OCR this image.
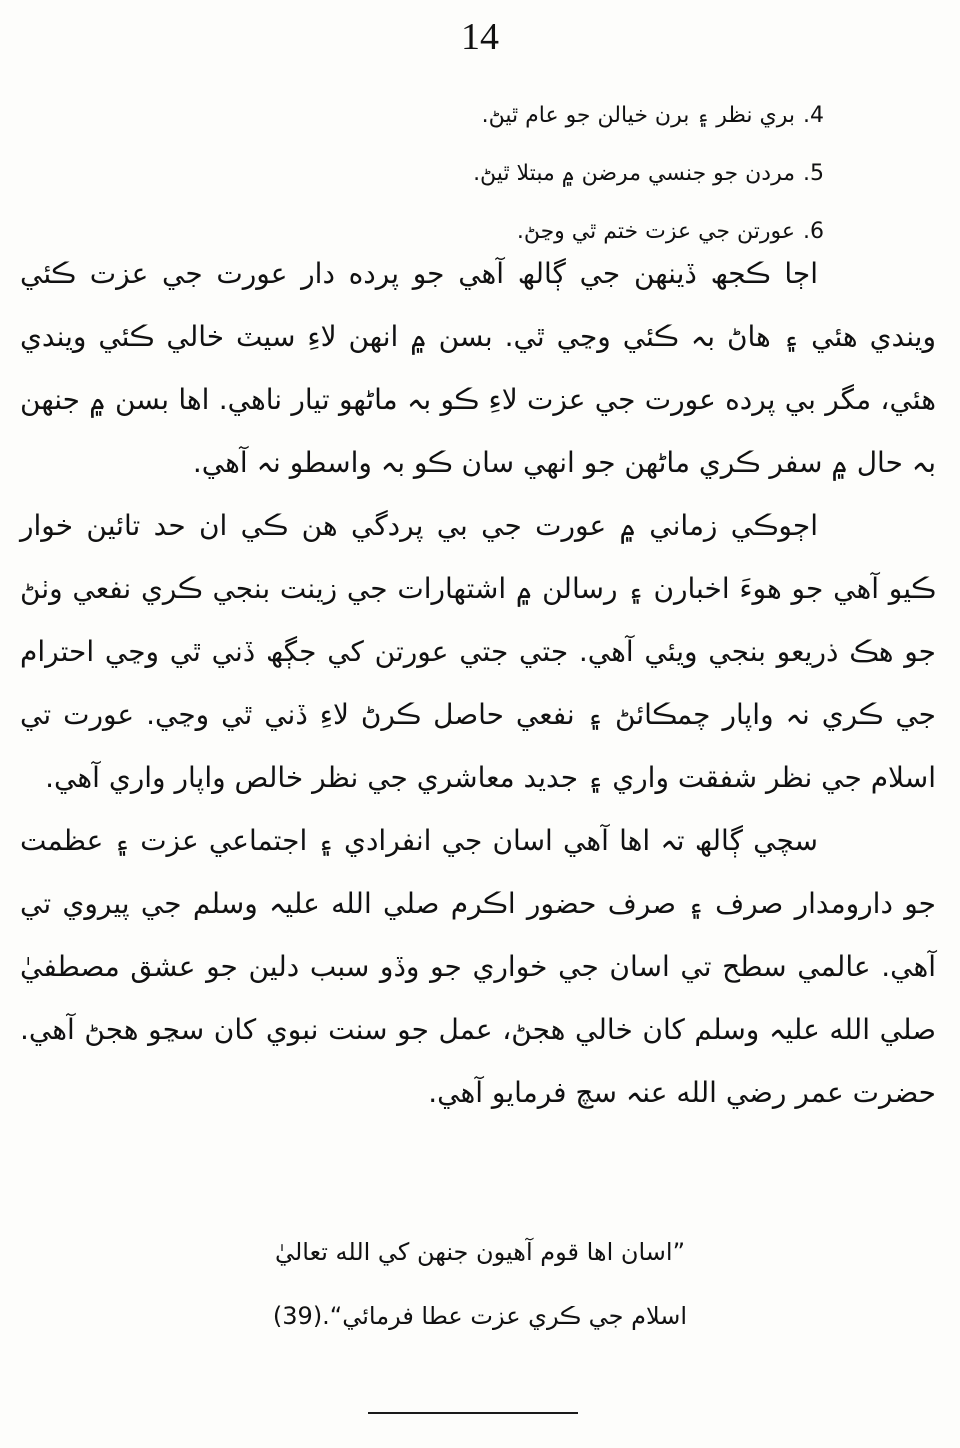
14
4.بري نظر ۽ برن خيالن جو عام ٿيڻ.
5.مردن جو جنسي مرضن ۾ مبتلا ٿيڻ.
6.عورتن جي عزت ختم ٿي وڃڻ.

اڄا ڪجھ ڏينهن جي ڳالھ آهي جو پرده دار عورت جي عزت ڪئي ويندي هئي ۽ هاڻ بہ ڪئي وڃي ٿي. بسن ۾ انهن لاءِ سيٽ خالي ڪئي ويندي هئي، مگر بي پرده عورت جي عزت لاءِ ڪو بہ ماڻهو تيار ناهي. اها بسن ۾ جنهن بہ حال ۾ سفر ڪري ماڻهن جو انهي سان ڪو بہ واسطو نہ آهي.

اڄوڪي زماني ۾ عورت جي بي پردگي هن ڪي ان حد تائين خوار ڪيو آهي جو هوءَ اخبارن ۽ رسالن ۾ اشتهارات جي زينت بنجي ڪري نفعي وٺڻ جو هڪ ذريعو بنجي ويئي آهي. جتي جتي عورتن کي جڳھ ڏني ٿي وڃي احترام جي ڪري نہ واپار چمڪائڻ ۽ نفعي حاصل ڪرڻ لاءِ ڏني ٿي وڃي. عورت تي اسلام جي نظر شفقت واري ۽ جديد معاشري جي نظر خالص واپار واري آهي.

سچي ڳالھ تہ اها آهي اسان جي انفرادي ۽ اجتماعي عزت ۽ عظمت جو دارومدار صرف ۽ صرف حضور اڪرم صلي الله عليہ وسلم جي پيروي تي آهي. عالمي سطح تي اسان جي خواري جو وڏو سبب دلين جو عشق مصطفيٰ صلي الله عليہ وسلم کان خالي هجڻ، عمل جو سنت نبوي کان سڃو هجڻ آهي. حضرت عمر رضي الله عنہ سچ فرمايو آهي.

”اسان اها قوم آهيون جنهن کي الله تعاليٰ
اسلام جي ڪري عزت عطا فرمائي“.(39)
